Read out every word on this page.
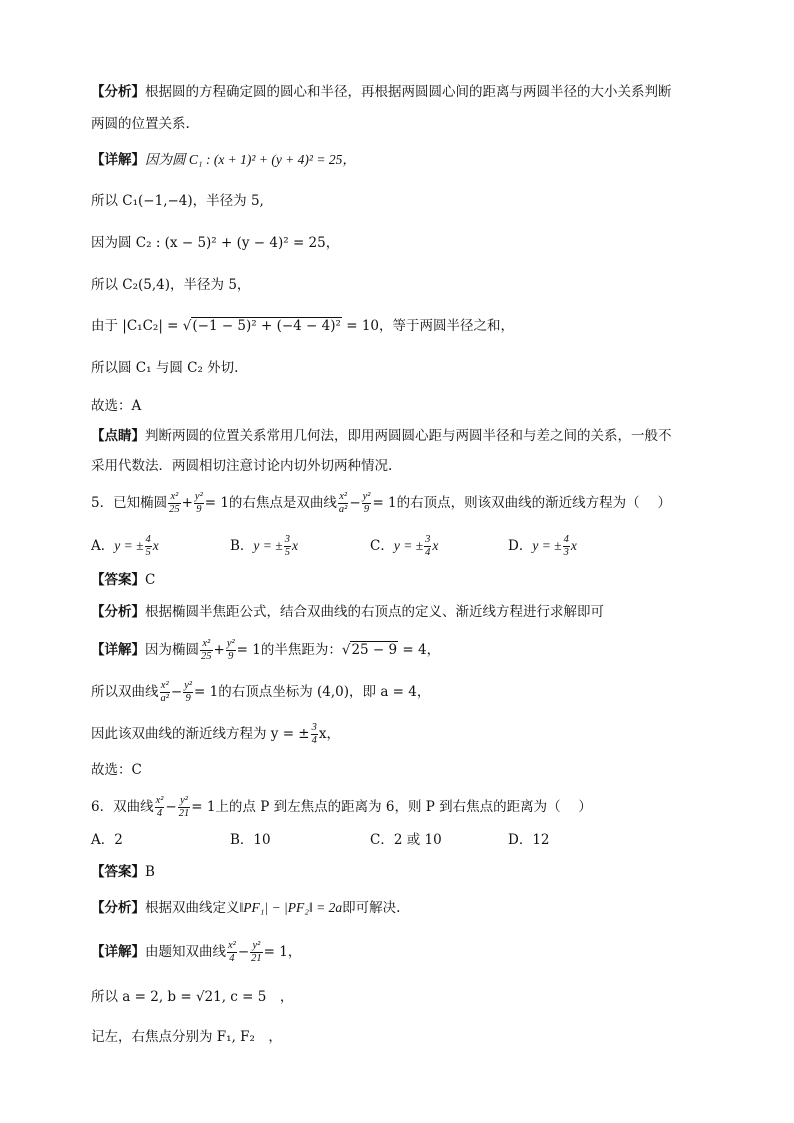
【分析】根据圆的方程确定圆的圆心和半径，再根据两圆圆心间的距离与两圆半径的大小关系判断
两圆的位置关系.
【详解】因为圆 C₁ : (x + 1)² + (y + 4)² = 25，
所以 C₁(−1,−4)，半径为 5,
因为圆 C₂ : (x − 5)² + (y − 4)² = 25，
所以 C₂(5,4)，半径为 5，
由于 |C₁C₂| = √(−1 − 5)² + (−4 − 4)² = 10，等于两圆半径之和，
所以圆 C₁ 与圆 C₂ 外切.
故选：A
【点睛】判断两圆的位置关系常用几何法，即用两圆圆心距与两圆半径和与差之间的关系，一般不
采用代数法．两圆相切注意讨论内切外切两种情况.
5．已知椭圆 $\frac{\text{x²}}{25} + \frac{\text{y²}}{9} = 1$的右焦点是双曲线 $\frac{\text{x²}}{\text{a²}} - \frac{\text{y²}}{9} = 1$的右顶点，则该双曲线的渐近线方程为（　 ）
A．y = ± $\frac{4}{5}$ x	B．y = ± $\frac{3}{5}$ x	C．y = ± $\frac{3}{4}$ x	D．y = ± $\frac{4}{3}$ x
【答案】C
【分析】根据椭圆半焦距公式，结合双曲线的右顶点的定义、渐近线方程进行求解即可
【详解】因为椭圆 $\frac{\text{x²}}{25} + \frac{\text{y²}}{9} = 1$的半焦距为：√25 − 9 = 4，
所以双曲线 $\frac{\text{x²}}{\text{a²}} - \frac{\text{y²}}{9} = 1$的右顶点坐标为 (4,0)，即 a = 4，
因此该双曲线的渐近线方程为 y = ± $\frac{3}{4}$ x，
故选：C
6．双曲线 $\frac{\text{x²}}{4} - \frac{\text{y²}}{21} = 1$上的点 P 到左焦点的距离为 6，则 P 到右焦点的距离为（　 ）
A．2	B．10	C．2 或 10	D．12
【答案】B
【分析】根据双曲线定义‖PF₁| − |PF₂‖ = 2a即可解决.
【详解】由题知双曲线 $\frac{\text{x²}}{4} - \frac{\text{y²}}{21} = 1$，
所以 a = 2, b = √21, c = 5　，
记左，右焦点分别为 F₁, F₂　，
